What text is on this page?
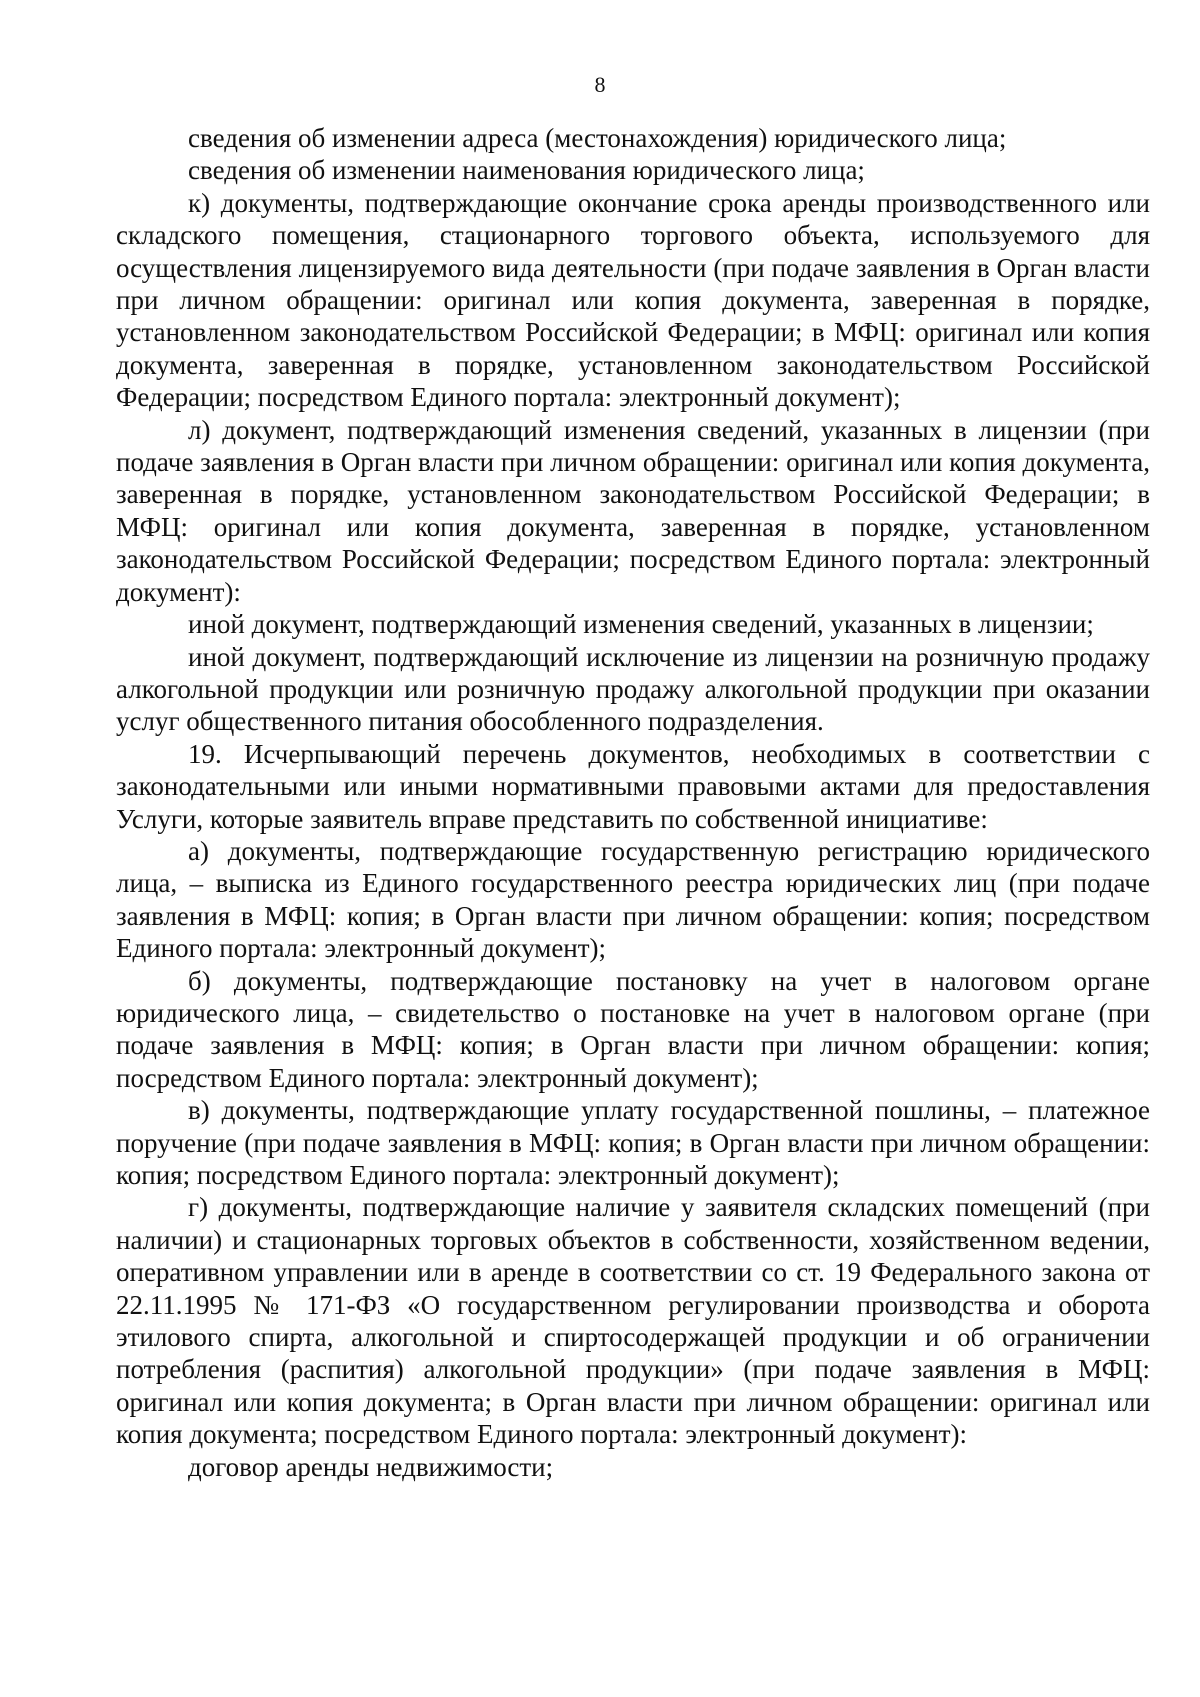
8

сведения об изменении адреса (местонахождения) юридического лица;

сведения об изменении наименования юридического лица;

к) документы, подтверждающие окончание срока аренды производственного или складского помещения, стационарного торгового объекта, используемого для осуществления лицензируемого вида деятельности (при подаче заявления в Орган власти при личном обращении: оригинал или копия документа, заверенная в порядке, установленном законодательством Российской Федерации; в МФЦ: оригинал или копия документа, заверенная в порядке, установленном законодательством Российской Федерации; посредством Единого портала: электронный документ);

л) документ, подтверждающий изменения сведений, указанных в лицензии (при подаче заявления в Орган власти при личном обращении: оригинал или копия документа, заверенная в порядке, установленном законодательством Российской Федерации; в МФЦ: оригинал или копия документа, заверенная в порядке, установленном законодательством Российской Федерации; посредством Единого портала: электронный документ):

иной документ, подтверждающий изменения сведений, указанных в лицензии;

иной документ, подтверждающий исключение из лицензии на розничную продажу алкогольной продукции или розничную продажу алкогольной продукции при оказании услуг общественного питания обособленного подразделения.

19. Исчерпывающий перечень документов, необходимых в соответствии с законодательными или иными нормативными правовыми актами для предоставления Услуги, которые заявитель вправе представить по собственной инициативе:

а) документы, подтверждающие государственную регистрацию юридического лица, – выписка из Единого государственного реестра юридических лиц (при подаче заявления в МФЦ: копия; в Орган власти при личном обращении: копия; посредством Единого портала: электронный документ);

б) документы, подтверждающие постановку на учет в налоговом органе юридического лица, – свидетельство о постановке на учет в налоговом органе (при подаче заявления в МФЦ: копия; в Орган власти при личном обращении: копия; посредством Единого портала: электронный документ);

в) документы, подтверждающие уплату государственной пошлины, – платежное поручение (при подаче заявления в МФЦ: копия; в Орган власти при личном обращении: копия; посредством Единого портала: электронный документ);

г) документы, подтверждающие наличие у заявителя складских помещений (при наличии) и стационарных торговых объектов в собственности, хозяйственном ведении, оперативном управлении или в аренде в соответствии со ст. 19 Федерального закона от 22.11.1995 № 171-ФЗ «О государственном регулировании производства и оборота этилового спирта, алкогольной и спиртосодержащей продукции и об ограничении потребления (распития) алкогольной продукции» (при подаче заявления в МФЦ: оригинал или копия документа; в Орган власти при личном обращении: оригинал или копия документа; посредством Единого портала: электронный документ):

договор аренды недвижимости;
